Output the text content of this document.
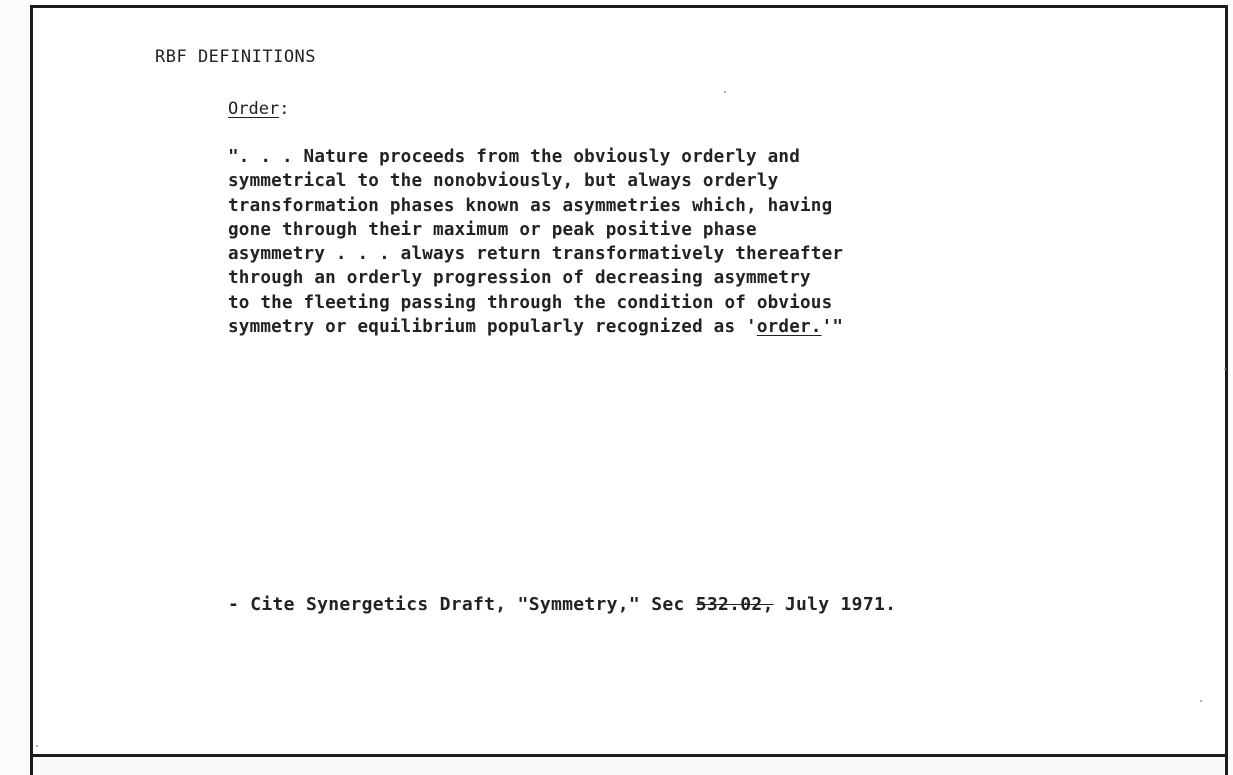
RBF DEFINITIONS
Order:
". . . Nature proceeds from the obviously orderly and
symmetrical to the nonobviously, but always orderly
transformation phases known as asymmetries which, having
gone through their maximum or peak positive phase
asymmetry . . . always return transformatively thereafter
through an orderly progression of decreasing asymmetry
to the fleeting passing through the condition of obvious
symmetry or equilibrium popularly recognized as 'order.'"
- Cite Synergetics Draft, "Symmetry," Sec 532.02, July 1971.
